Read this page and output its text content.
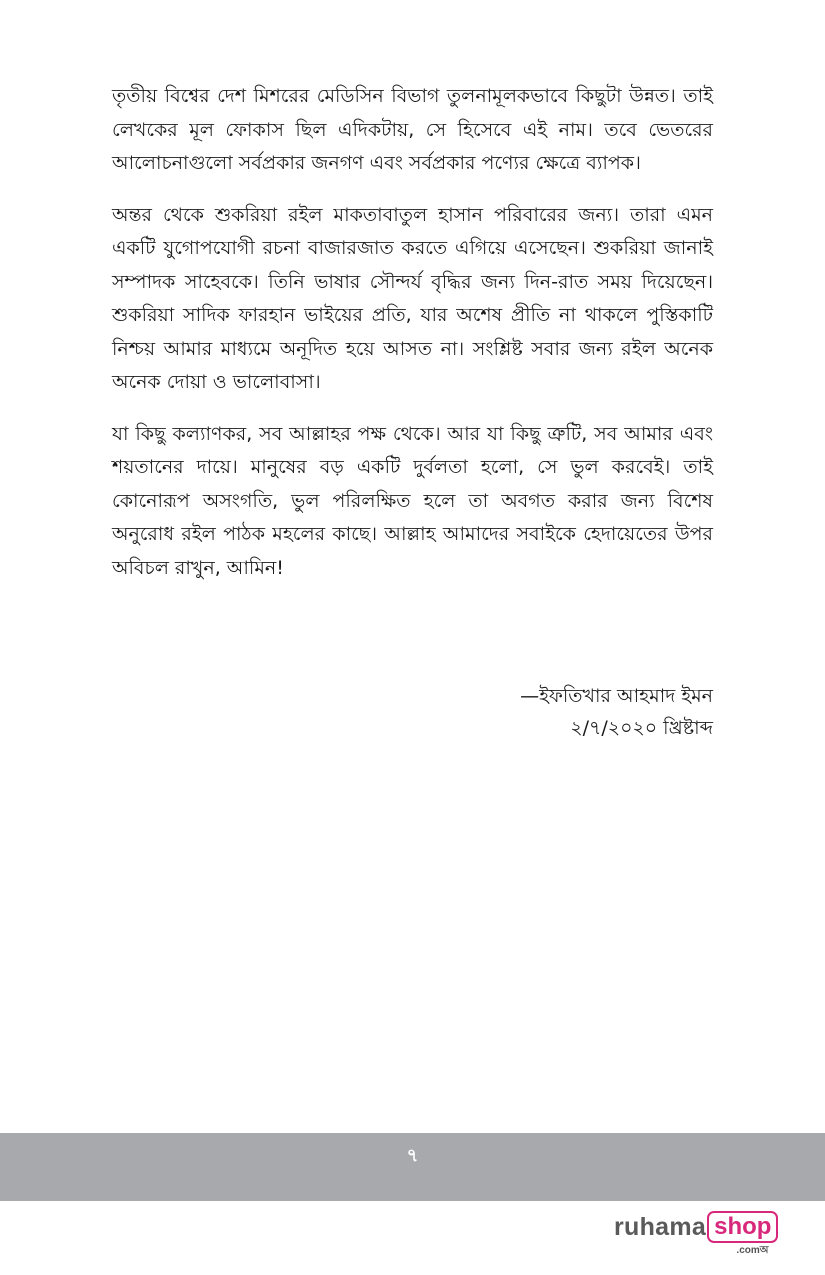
তৃতীয় বিশ্বের দেশ মিশরের মেডিসিন বিভাগ তুলনামূলকভাবে কিছুটা উন্নত। তাই লেখকের মূল ফোকাস ছিল এদিকটায়, সে হিসেবে এই নাম। তবে ভেতরের আলোচনাগুলো সর্বপ্রকার জনগণ এবং সর্বপ্রকার পণ্যের ক্ষেত্রে ব্যাপক।

অন্তর থেকে শুকরিয়া রইল মাকতাবাতুল হাসান পরিবারের জন্য। তারা এমন একটি যুগোপযোগী রচনা বাজারজাত করতে এগিয়ে এসেছেন। শুকরিয়া জানাই সম্পাদক সাহেবকে। তিনি ভাষার সৌন্দর্য বৃদ্ধির জন্য দিন-রাত সময় দিয়েছেন। শুকরিয়া সাদিক ফারহান ভাইয়ের প্রতি, যার অশেষ প্রীতি না থাকলে পুস্তিকাটি নিশ্চয় আমার মাধ্যমে অনূদিত হয়ে আসত না। সংশ্লিষ্ট সবার জন্য রইল অনেক অনেক দোয়া ও ভালোবাসা।

যা কিছু কল্যাণকর, সব আল্লাহর পক্ষ থেকে। আর যা কিছু ত্রুটি, সব আমার এবং শয়তানের দায়ে। মানুষের বড় একটি দুর্বলতা হলো, সে ভুল করবেই। তাই কোনোরূপ অসংগতি, ভুল পরিলক্ষিত হলে তা অবগত করার জন্য বিশেষ অনুরোধ রইল পাঠক মহলের কাছে। আল্লাহ আমাদের সবাইকে হেদায়েতের উপর অবিচল রাখুন, আমিন!

—ইফতিখার আহমাদ ইমন
২/৭/২০২০ খ্রিষ্টাব্দ
৭
ruhama shop
.comঅ
